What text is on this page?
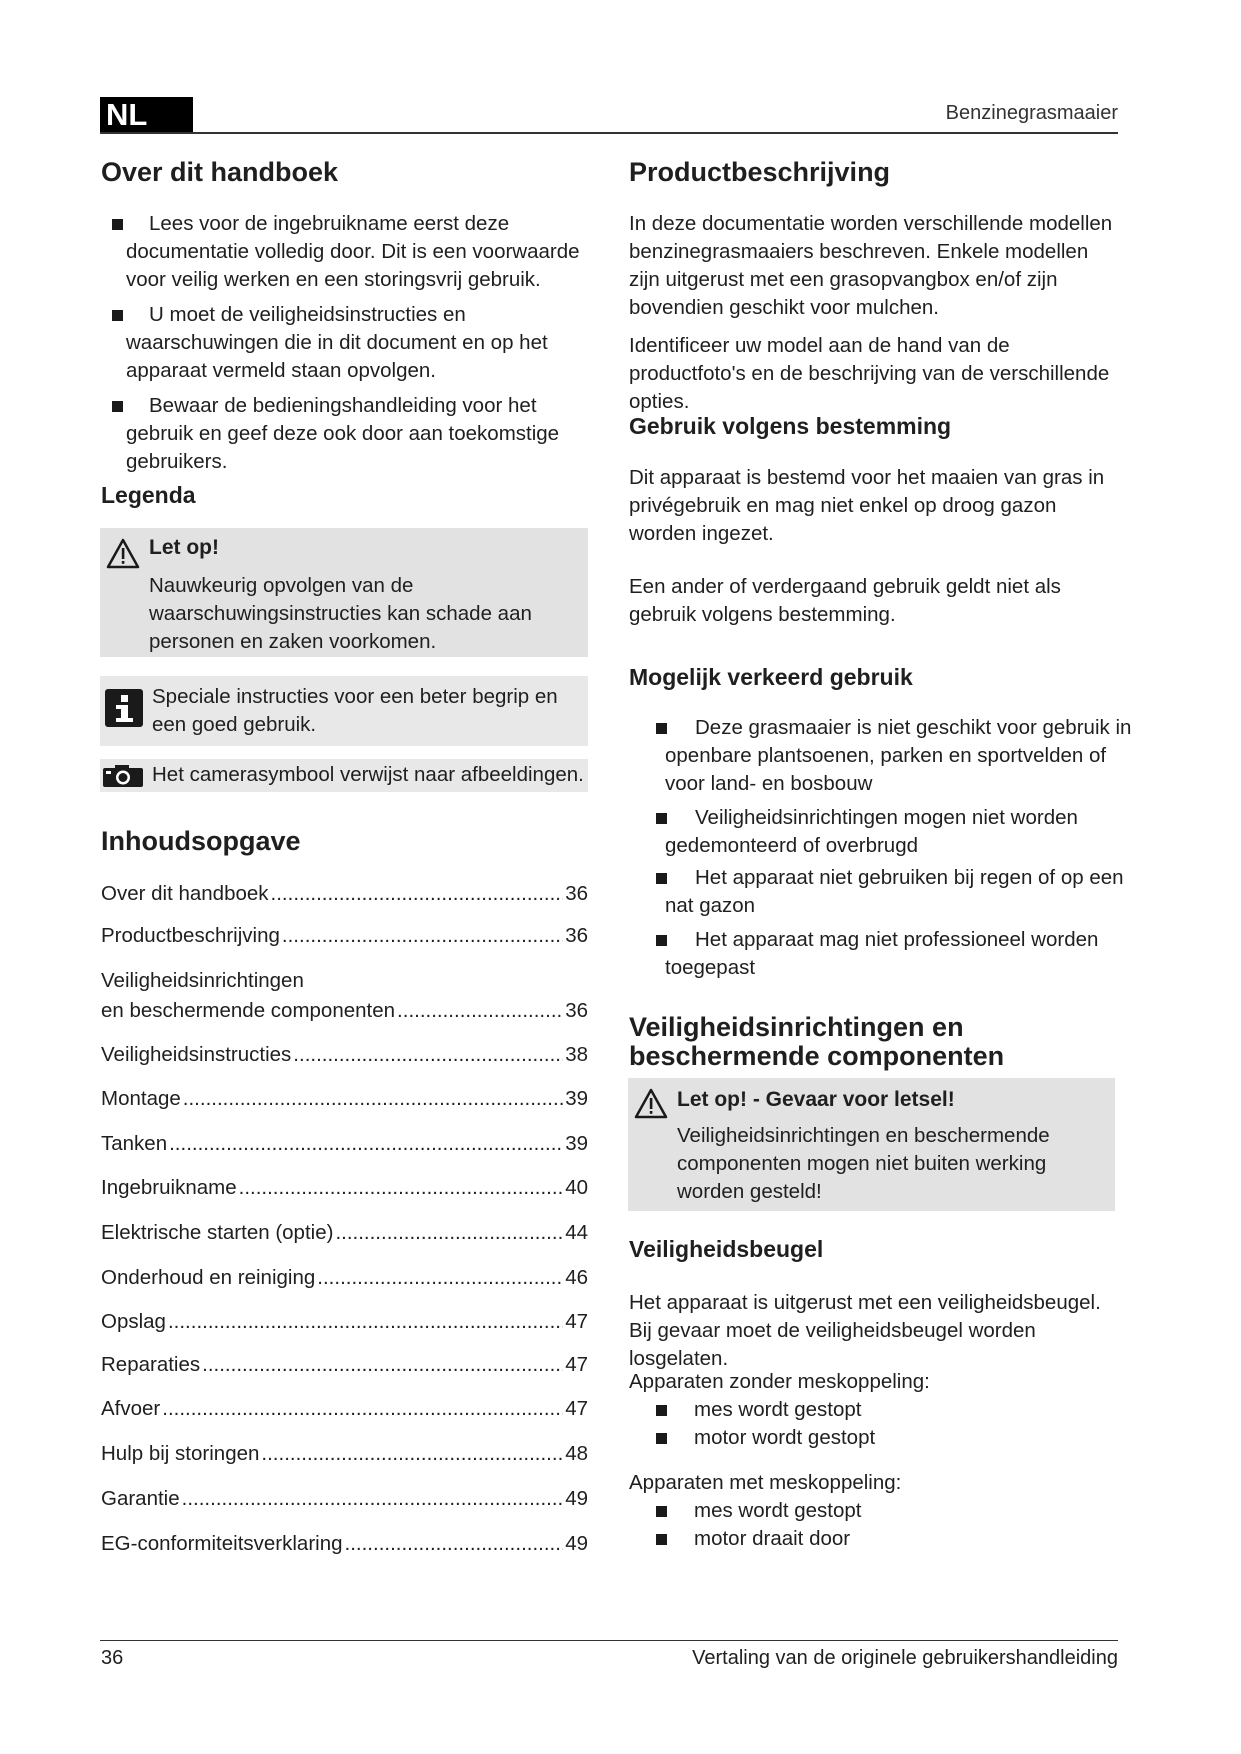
NL	Benzinegrasmaaier
Over dit handboek
Lees voor de ingebruikname eerst deze documentatie volledig door. Dit is een voorwaarde voor veilig werken en een storingsvrij gebruik.
U moet de veiligheidsinstructies en waarschuwingen die in dit document en op het apparaat vermeld staan opvolgen.
Bewaar de bedieningshandleiding voor het gebruik en geef deze ook door aan toekomstige gebruikers.
Legenda
Let op!
Nauwkeurig opvolgen van de waarschuwingsinstructies kan schade aan personen en zaken voorkomen.
Speciale instructies voor een beter begrip en een goed gebruik.
Het camerasymbool verwijst naar afbeeldingen.
Inhoudsopgave
Over dit handboek .....	36
Productbeschrijving .....	36
Veiligheidsinrichtingen
en beschermende componenten .....	36
Veiligheidsinstructies .....	38
Montage .....	39
Tanken .....	39
Ingebruikname .....	40
Elektrische starten (optie) .....	44
Onderhoud en reiniging .....	46
Opslag .....	47
Reparaties .....	47
Afvoer .....	47
Hulp bij storingen .....	48
Garantie .....	49
EG-conformiteitsverklaring .....	49
Productbeschrijving

In deze documentatie worden verschillende modellen benzinegrasmaaiers beschreven. Enkele modellen zijn uitgerust met een grasopvangbox en/of zijn bovendien geschikt voor mulchen.

Identificeer uw model aan de hand van de productfoto's en de beschrijving van de verschillende opties.

Gebruik volgens bestemming

Dit apparaat is bestemd voor het maaien van gras in privégebruik en mag niet enkel op droog gazon worden ingezet.

Een ander of verdergaand gebruik geldt niet als gebruik volgens bestemming.

Mogelijk verkeerd gebruik
Deze grasmaaier is niet geschikt voor gebruik in openbare plantsoenen, parken en sportvelden of voor land- en bosbouw
Veiligheidsinrichtingen mogen niet worden gedemonteerd of overbrugd
Het apparaat niet gebruiken bij regen of op een nat gazon
Het apparaat mag niet professioneel worden toegepast
Veiligheidsinrichtingen en beschermende componenten
Let op! - Gevaar voor letsel!
Veiligheidsinrichtingen en beschermende componenten mogen niet buiten werking worden gesteld!
Veiligheidsbeugel

Het apparaat is uitgerust met een veiligheidsbeugel. Bij gevaar moet de veiligheidsbeugel worden losgelaten.

Apparaten zonder meskoppeling:
mes wordt gestopt
motor wordt gestopt
Apparaten met meskoppeling:
mes wordt gestopt
motor draait door
36	Vertaling van de originele gebruikershandleiding
